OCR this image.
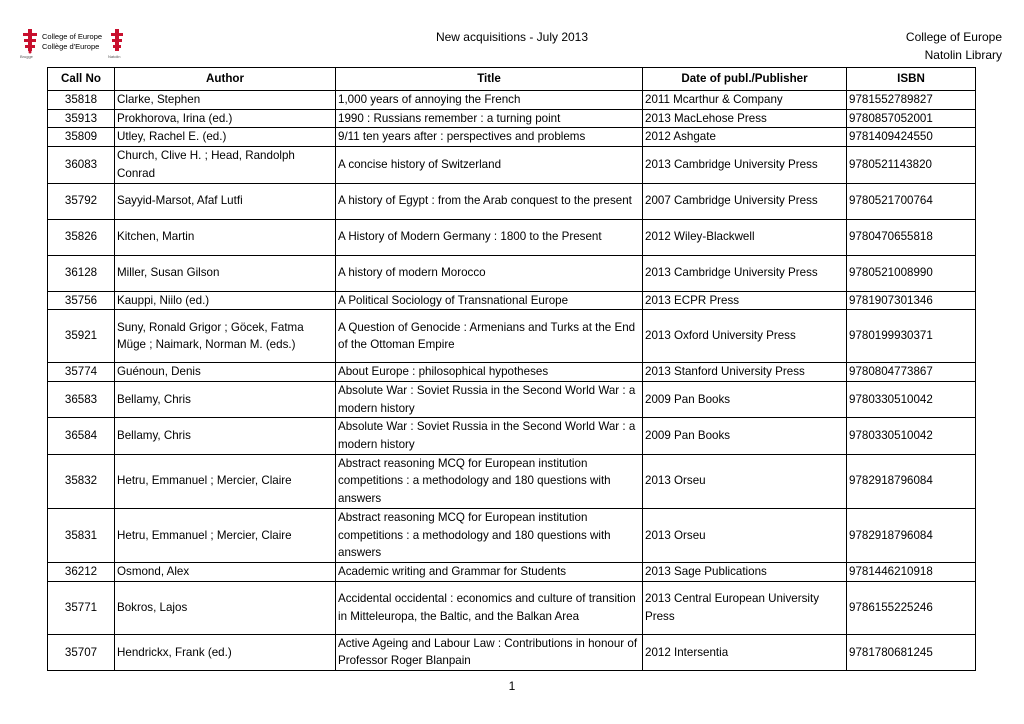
College of Europe
Collège d'Europe
Brugge	Natolin
New acquisitions - July 2013	College of Europe
Natolin Library
Call No	Author	Title	Date of publ./Publisher	ISBN
35818	Clarke, Stephen	1,000 years of annoying the French	2011 Mcarthur & Company	9781552789827
35913	Prokhorova, Irina (ed.)	1990 : Russians remember : a turning point	2013 MacLehose Press	9780857052001
35809	Utley, Rachel E. (ed.)	9/11 ten years after : perspectives and problems	2012 Ashgate	9781409424550
36083	Church, Clive H. ; Head, Randolph Conrad	A concise history of Switzerland	2013 Cambridge University Press	9780521143820
35792	Sayyid-Marsot, Afaf Lutfi	A history of Egypt : from the Arab conquest to the present	2007 Cambridge University Press	9780521700764
35826	Kitchen, Martin	A History of Modern Germany : 1800 to the Present	2012 Wiley-Blackwell	9780470655818
36128	Miller, Susan Gilson	A history of modern Morocco	2013 Cambridge University Press	9780521008990
35756	Kauppi, Niilo (ed.)	A Political Sociology of Transnational Europe	2013 ECPR Press	9781907301346
35921	Suny, Ronald Grigor ; Göcek, Fatma Müge ; Naimark, Norman M. (eds.)	A Question of Genocide : Armenians and Turks at the End of the Ottoman Empire	2013 Oxford University Press	9780199930371
35774	Guénoun, Denis	About Europe : philosophical hypotheses	2013 Stanford University Press	9780804773867
36583	Bellamy, Chris	Absolute War : Soviet Russia in the Second World War : a modern history	2009 Pan Books	9780330510042
36584	Bellamy, Chris	Absolute War : Soviet Russia in the Second World War : a modern history	2009 Pan Books	9780330510042
35832	Hetru, Emmanuel ; Mercier, Claire	Abstract reasoning MCQ for European institution competitions : a methodology and 180 questions with answers	2013 Orseu	9782918796084
35831	Hetru, Emmanuel ; Mercier, Claire	Abstract reasoning MCQ for European institution competitions : a methodology and 180 questions with answers	2013 Orseu	9782918796084
36212	Osmond, Alex	Academic writing and Grammar for Students	2013 Sage Publications	9781446210918
35771	Bokros, Lajos	Accidental occidental : economics and culture of transition in Mitteleuropa, the Baltic, and the Balkan Area	2013 Central European University Press	9786155225246
35707	Hendrickx, Frank (ed.)	Active Ageing and Labour Law : Contributions in honour of Professor Roger Blanpain	2012 Intersentia	9781780681245
1
